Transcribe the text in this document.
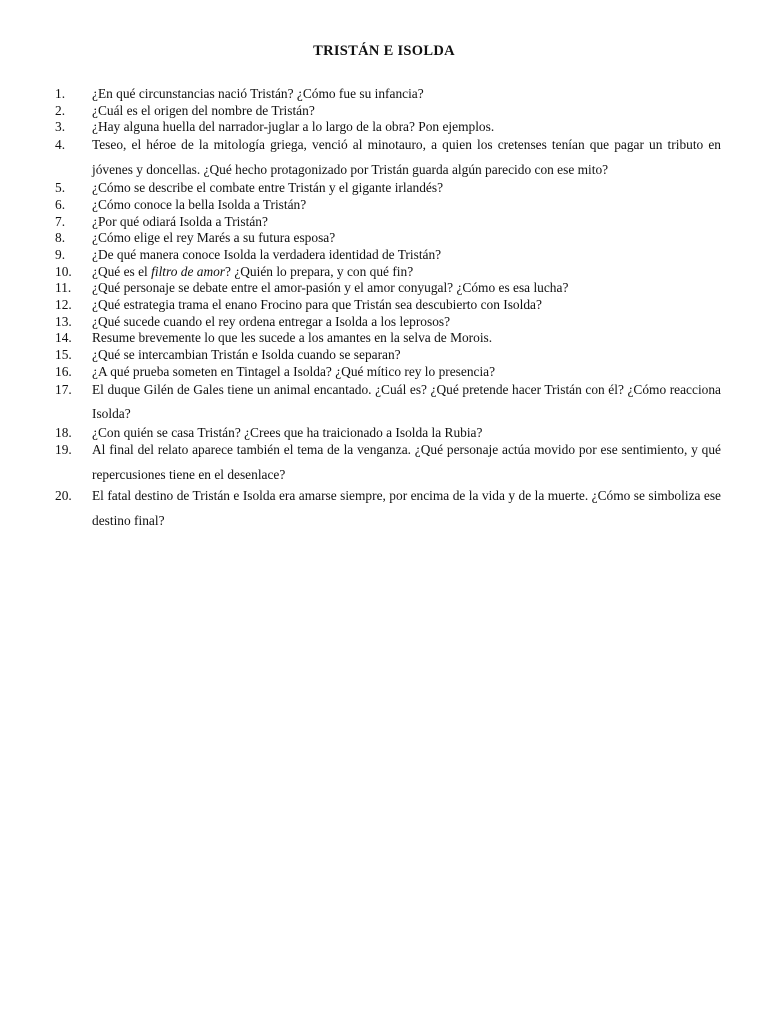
TRISTÁN E ISOLDA
1.	¿En qué circunstancias nació Tristán? ¿Cómo fue su infancia?
2.	¿Cuál es el origen del nombre de Tristán?
3.	¿Hay alguna huella del narrador-juglar a lo largo de la obra? Pon ejemplos.
4.	Teseo, el héroe de la mitología griega, venció al minotauro, a quien los cretenses tenían que pagar un tributo en jóvenes y doncellas. ¿Qué hecho protagonizado por Tristán guarda algún parecido con ese mito?
5.	¿Cómo se describe el combate entre Tristán y el gigante irlandés?
6.	¿Cómo conoce la bella Isolda a Tristán?
7.	¿Por qué odiará Isolda a Tristán?
8.	¿Cómo elige el rey Marés a su futura esposa?
9.	¿De qué manera conoce Isolda la verdadera identidad de Tristán?
10.	¿Qué es el filtro de amor? ¿Quién lo prepara, y con qué fin?
11.	¿Qué personaje se debate entre el amor-pasión y el amor conyugal? ¿Cómo es esa lucha?
12.	¿Qué estrategia trama el enano Frocino para que Tristán sea descubierto con Isolda?
13.	¿Qué sucede cuando el rey ordena entregar a Isolda a los leprosos?
14.	Resume brevemente lo que les sucede a los amantes en la selva de Morois.
15.	¿Qué se intercambian Tristán e Isolda cuando se separan?
16.	¿A qué prueba someten en Tintagel a Isolda? ¿Qué mítico rey lo presencia?
17.	El duque Gilén de Gales tiene un animal encantado. ¿Cuál es? ¿Qué pretende hacer Tristán con él? ¿Cómo reacciona Isolda?
18.	¿Con quién se casa Tristán? ¿Crees que ha traicionado a Isolda la Rubia?
19.	Al final del relato aparece también el tema de la venganza. ¿Qué personaje actúa movido por ese sentimiento, y qué repercusiones tiene en el desenlace?
20.	El fatal destino de Tristán e Isolda era amarse siempre, por encima de la vida y de la muerte. ¿Cómo se simboliza ese destino final?
